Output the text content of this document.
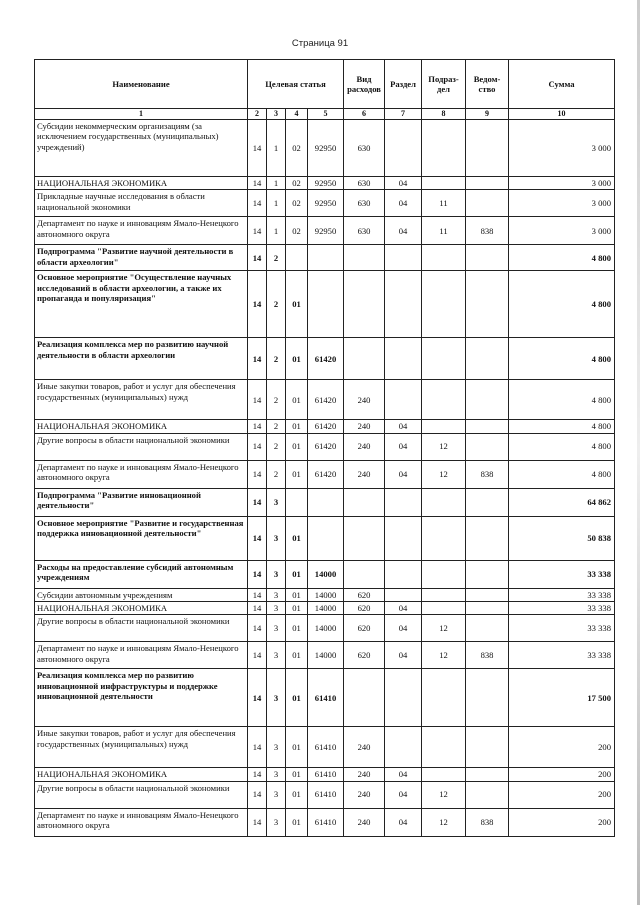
Страница 91
Наименование	Целевая статья				Вид расходов	Раздел	Подраз-дел	Ведом-ство	Сумма
1	2	3	4	5	6	7	8	9	10
Субсидии некоммерческим организациям (за исключением государственных (муниципальных) учреждений)	14	1	02	92950	630				3 000
НАЦИОНАЛЬНАЯ ЭКОНОМИКА	14	1	02	92950	630	04			3 000
Прикладные научные исследования в области национальной экономики	14	1	02	92950	630	04	11		3 000
Департамент по науке и инновациям Ямало-Ненецкого автономного округа	14	1	02	92950	630	04	11	838	3 000
Подпрограмма "Развитие научной деятельности в области археологии"	14	2							4 800
Основное мероприятие "Осуществление научных исследований в области археологии, а также их пропаганда и популяризация"	14	2	01						4 800
Реализация комплекса мер по развитию научной деятельности в области археологии	14	2	01	61420					4 800
Иные закупки товаров, работ и услуг для обеспечения государственных (муниципальных) нужд	14	2	01	61420	240				4 800
НАЦИОНАЛЬНАЯ ЭКОНОМИКА	14	2	01	61420	240	04			4 800
Другие вопросы в области национальной экономики	14	2	01	61420	240	04	12		4 800
Департамент по науке и инновациям Ямало-Ненецкого автономного округа	14	2	01	61420	240	04	12	838	4 800
Подпрограмма "Развитие инновационной деятельности"	14	3							64 862
Основное мероприятие "Развитие и государственная поддержка инновационной деятельности"	14	3	01						50 838
Расходы на предоставление субсидий автономным учреждениям	14	3	01	14000					33 338
Субсидии автономным учреждениям	14	3	01	14000	620				33 338
НАЦИОНАЛЬНАЯ ЭКОНОМИКА	14	3	01	14000	620	04			33 338
Другие вопросы в области национальной экономики	14	3	01	14000	620	04	12		33 338
Департамент по науке и инновациям Ямало-Ненецкого автономного округа	14	3	01	14000	620	04	12	838	33 338
Реализация комплекса мер по развитию инновационной инфраструктуры и поддержке инновационной деятельности	14	3	01	61410					17 500
Иные закупки товаров, работ и услуг для обеспечения государственных (муниципальных) нужд	14	3	01	61410	240				200
НАЦИОНАЛЬНАЯ ЭКОНОМИКА	14	3	01	61410	240	04			200
Другие вопросы в области национальной экономики	14	3	01	61410	240	04	12		200
Департамент по науке и инновациям Ямало-Ненецкого автономного округа	14	3	01	61410	240	04	12	838	200
